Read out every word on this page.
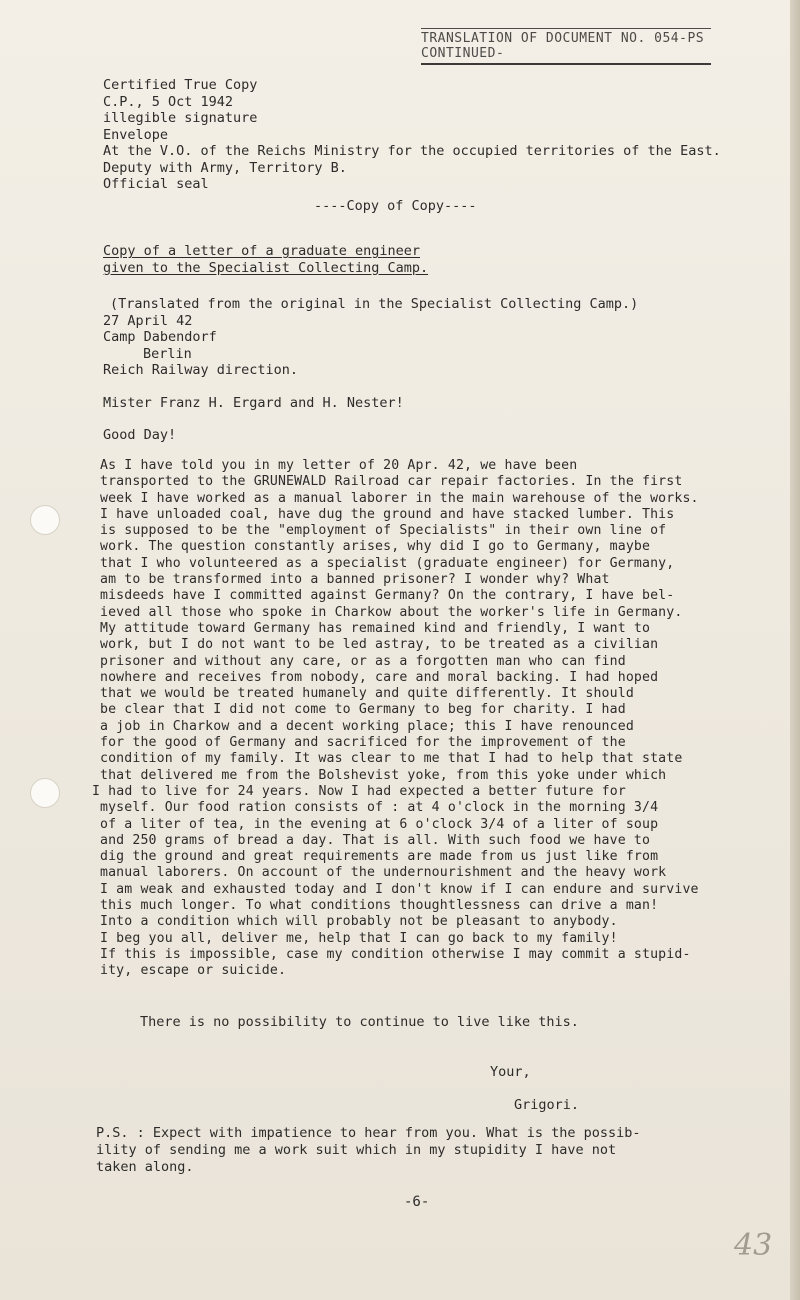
TRANSLATION OF DOCUMENT NO. 054-PS
CONTINUED-
Certified True Copy
C.P., 5 Oct 1942
illegible signature
Envelope
At the V.O. of the Reichs Ministry for the occupied territories of the East.
Deputy with Army, Territory B.
Official seal
----Copy of Copy----
Copy of a letter of a graduate engineer
given to the Specialist Collecting Camp.
(Translated from the original in the Specialist Collecting Camp.)
27 April 42
Camp Dabendorf
Berlin
Reich Railway direction.
Mister Franz H. Ergard and H. Nester!
Good Day!
As I have told you in my letter of 20 Apr. 42, we have been
transported to the GRUNEWALD Railroad car repair factories. In the first
week I have worked as a manual laborer in the main warehouse of the works.
I have unloaded coal, have dug the ground and have stacked lumber. This
is supposed to be the "employment of Specialists" in their own line of
work. The question constantly arises, why did I go to Germany, maybe
that I who volunteered as a specialist (graduate engineer) for Germany,
am to be transformed into a banned prisoner? I wonder why? What
misdeeds have I committed against Germany? On the contrary, I have bel-
ieved all those who spoke in Charkow about the worker's life in Germany.
My attitude toward Germany has remained kind and friendly, I want to
work, but I do not want to be led astray, to be treated as a civilian
prisoner and without any care, or as a forgotten man who can find
nowhere and receives from nobody, care and moral backing. I had hoped
that we would be treated humanely and quite differently. It should
be clear that I did not come to Germany to beg for charity. I had
a job in Charkow and a decent working place; this I have renounced
for the good of Germany and sacrificed for the improvement of the
condition of my family. It was clear to me that I had to help that state
that delivered me from the Bolshevist yoke, from this yoke under which
I had to live for 24 years. Now I had expected a better future for
myself. Our food ration consists of : at 4 o'clock in the morning 3/4
of a liter of tea, in the evening at 6 o'clock 3/4 of a liter of soup
and 250 grams of bread a day. That is all. With such food we have to
dig the ground and great requirements are made from us just like from
manual laborers. On account of the undernourishment and the heavy work
I am weak and exhausted today and I don't know if I can endure and survive
this much longer. To what conditions thoughtlessness can drive a man!
Into a condition which will probably not be pleasant to anybody.
I beg you all, deliver me, help that I can go back to my family!
If this is impossible, case my condition otherwise I may commit a stupid-
ity, escape or suicide.
There is no possibility to continue to live like this.
Your,
Grigori.
P.S. : Expect with impatience to hear from you. What is the possib-
ility of sending me a work suit which in my stupidity I have not
taken along.
-6-
43
